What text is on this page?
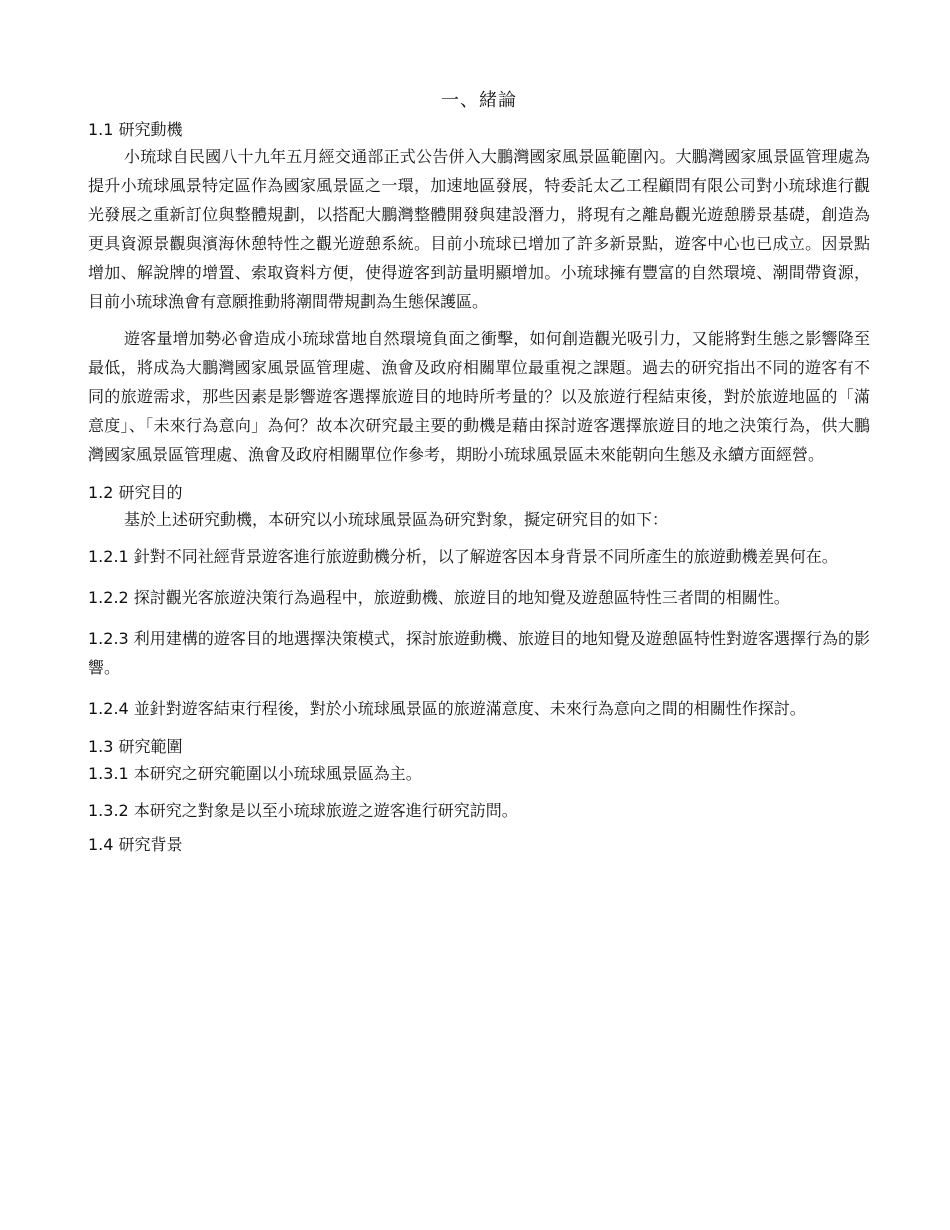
一、緒論
1.1 研究動機

小琉球自民國八十九年五月經交通部正式公告併入大鵬灣國家風景區範圍內。大鵬灣國家風景區管理處為提升小琉球風景特定區作為國家風景區之一環，加速地區發展，特委託太乙工程顧問有限公司對小琉球進行觀光發展之重新訂位與整體規劃，以搭配大鵬灣整體開發與建設潛力，將現有之離島觀光遊憩勝景基礎，創造為更具資源景觀與濱海休憩特性之觀光遊憩系統。目前小琉球已增加了許多新景點，遊客中心也已成立。因景點增加、解說牌的增置、索取資料方便，使得遊客到訪量明顯增加。小琉球擁有豐富的自然環境、潮間帶資源，目前小琉球漁會有意願推動將潮間帶規劃為生態保護區。

遊客量增加勢必會造成小琉球當地自然環境負面之衝擊，如何創造觀光吸引力，又能將對生態之影響降至最低，將成為大鵬灣國家風景區管理處、漁會及政府相關單位最重視之課題。過去的研究指出不同的遊客有不同的旅遊需求，那些因素是影響遊客選擇旅遊目的地時所考量的？以及旅遊行程結束後，對於旅遊地區的「滿意度」、「未來行為意向」為何？故本次研究最主要的動機是藉由探討遊客選擇旅遊目的地之決策行為，供大鵬灣國家風景區管理處、漁會及政府相關單位作參考，期盼小琉球風景區未來能朝向生態及永續方面經營。

1.2 研究目的

基於上述研究動機，本研究以小琉球風景區為研究對象，擬定研究目的如下：

1.2.1 針對不同社經背景遊客進行旅遊動機分析，以了解遊客因本身背景不同所產生的旅遊動機差異何在。

1.2.2 探討觀光客旅遊決策行為過程中，旅遊動機、旅遊目的地知覺及遊憩區特性三者間的相關性。

1.2.3 利用建構的遊客目的地選擇決策模式，探討旅遊動機、旅遊目的地知覺及遊憩區特性對遊客選擇行為的影響。

1.2.4 並針對遊客結束行程後，對於小琉球風景區的旅遊滿意度、未來行為意向之間的相關性作探討。

1.3 研究範圍

1.3.1 本研究之研究範圍以小琉球風景區為主。

1.3.2 本研究之對象是以至小琉球旅遊之遊客進行研究訪問。

1.4 研究背景
